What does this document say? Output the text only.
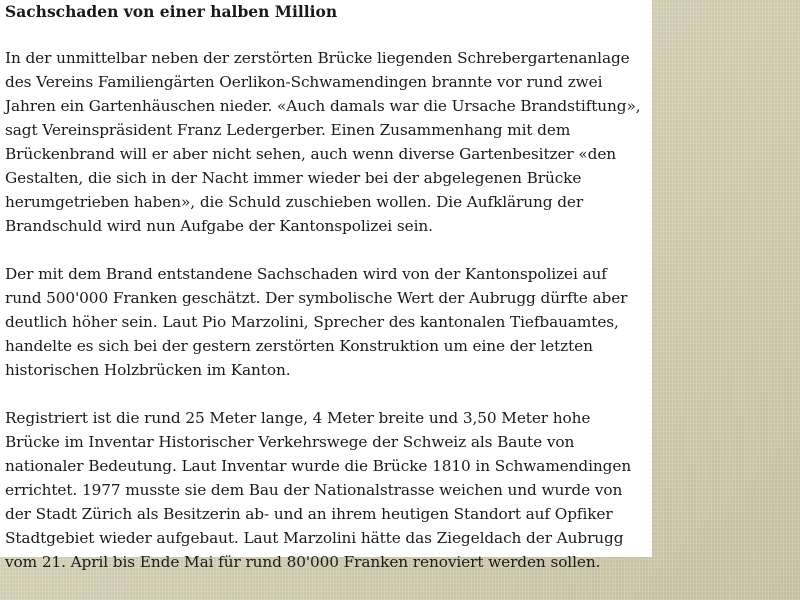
Sachschaden von einer halben Million

In der unmittelbar neben der zerstörten Brücke liegenden Schrebergartenanlage des Vereins Familiengärten Oerlikon-Schwamendingen brannte vor rund zwei Jahren ein Gartenhäuschen nieder. «Auch damals war die Ursache Brandstiftung», sagt Vereinspräsident Franz Ledergerber. Einen Zusammenhang mit dem Brückenbrand will er aber nicht sehen, auch wenn diverse Gartenbesitzer «den Gestalten, die sich in der Nacht immer wieder bei der abgelegenen Brücke herumgetrieben haben», die Schuld zuschieben wollen. Die Aufklärung der Brandschuld wird nun Aufgabe der Kantonspolizei sein.

Der mit dem Brand entstandene Sachschaden wird von der Kantonspolizei auf rund 500'000 Franken geschätzt. Der symbolische Wert der Aubrugg dürfte aber deutlich höher sein. Laut Pio Marzolini, Sprecher des kantonalen Tiefbauamtes, handelte es sich bei der gestern zerstörten Konstruktion um eine der letzten historischen Holzbrücken im Kanton.

Registriert ist die rund 25 Meter lange, 4 Meter breite und 3,50 Meter hohe Brücke im Inventar Historischer Verkehrswege der Schweiz als Baute von nationaler Bedeutung. Laut Inventar wurde die Brücke 1810 in Schwamendingen errichtet. 1977 musste sie dem Bau der Nationalstrasse weichen und wurde von der Stadt Zürich als Besitzerin ab- und an ihrem heutigen Standort auf Opfiker Stadtgebiet wieder aufgebaut. Laut Marzolini hätte das Ziegeldach der Aubrugg vom 21. April bis Ende Mai für rund 80'000 Franken renoviert werden sollen.
